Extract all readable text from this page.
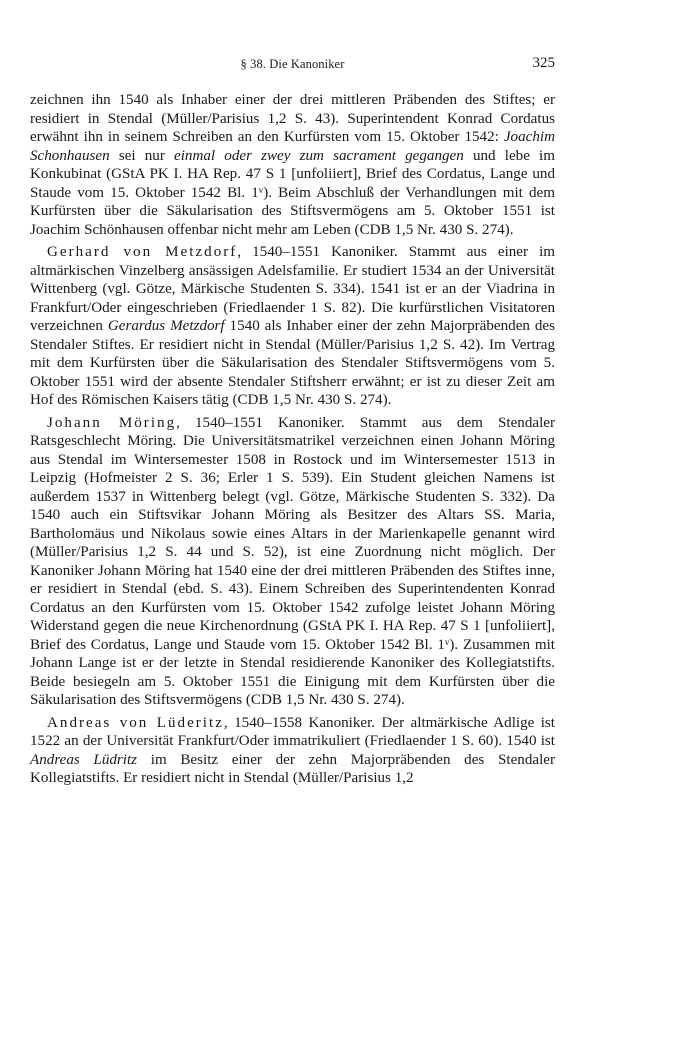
§ 38. Die Kanoniker	325

zeichnen ihn 1540 als Inhaber einer der drei mittleren Präbenden des Stiftes; er residiert in Stendal (Müller/Parisius 1,2 S. 43). Superintendent Konrad Cordatus erwähnt ihn in seinem Schreiben an den Kurfürsten vom 15. Oktober 1542: Joachim Schonhausen sei nur einmal oder zwey zum sacrament gegangen und lebe im Konkubinat (GStA PK I. HA Rep. 47 S 1 [unfoliiert], Brief des Cordatus, Lange und Staude vom 15. Oktober 1542 Bl. 1ᵛ). Beim Abschluß der Verhandlungen mit dem Kurfürsten über die Säkularisation des Stiftsvermögens am 5. Oktober 1551 ist Joachim Schönhausen offenbar nicht mehr am Leben (CDB 1,5 Nr. 430 S. 274).

Gerhard von Metzdorf, 1540–1551 Kanoniker. Stammt aus einer im altmärkischen Vinzelberg ansässigen Adelsfamilie. Er studiert 1534 an der Universität Wittenberg (vgl. Götze, Märkische Studenten S. 334). 1541 ist er an der Viadrina in Frankfurt/Oder eingeschrieben (Friedlaender 1 S. 82). Die kurfürstlichen Visitatoren verzeichnen Gerardus Metzdorf 1540 als Inhaber einer der zehn Majorpräbenden des Stendaler Stiftes. Er residiert nicht in Stendal (Müller/Parisius 1,2 S. 42). Im Vertrag mit dem Kurfürsten über die Säkularisation des Stendaler Stiftsvermögens vom 5. Oktober 1551 wird der absente Stendaler Stiftsherr erwähnt; er ist zu dieser Zeit am Hof des Römischen Kaisers tätig (CDB 1,5 Nr. 430 S. 274).

Johann Möring, 1540–1551 Kanoniker. Stammt aus dem Stendaler Ratsgeschlecht Möring. Die Universitätsmatrikel verzeichnen einen Johann Möring aus Stendal im Wintersemester 1508 in Rostock und im Wintersemester 1513 in Leipzig (Hofmeister 2 S. 36; Erler 1 S. 539). Ein Student gleichen Namens ist außerdem 1537 in Wittenberg belegt (vgl. Götze, Märkische Studenten S. 332). Da 1540 auch ein Stiftsvikar Johann Möring als Besitzer des Altars SS. Maria, Bartholomäus und Nikolaus sowie eines Altars in der Marienkapelle genannt wird (Müller/Parisius 1,2 S. 44 und S. 52), ist eine Zuordnung nicht möglich. Der Kanoniker Johann Möring hat 1540 eine der drei mittleren Präbenden des Stiftes inne, er residiert in Stendal (ebd. S. 43). Einem Schreiben des Superintendenten Konrad Cordatus an den Kurfürsten vom 15. Oktober 1542 zufolge leistet Johann Möring Widerstand gegen die neue Kirchenordnung (GStA PK I. HA Rep. 47 S 1 [unfoliiert], Brief des Cordatus, Lange und Staude vom 15. Oktober 1542 Bl. 1ᵛ). Zusammen mit Johann Lange ist er der letzte in Stendal residierende Kanoniker des Kollegiatstifts. Beide besiegeln am 5. Oktober 1551 die Einigung mit dem Kurfürsten über die Säkularisation des Stiftsvermögens (CDB 1,5 Nr. 430 S. 274).

Andreas von Lüderitz, 1540–1558 Kanoniker. Der altmärkische Adlige ist 1522 an der Universität Frankfurt/Oder immatrikuliert (Friedlaender 1 S. 60). 1540 ist Andreas Lüdritz im Besitz einer der zehn Majorpräbenden des Stendaler Kollegiatstifts. Er residiert nicht in Stendal (Müller/Parisius 1,2
